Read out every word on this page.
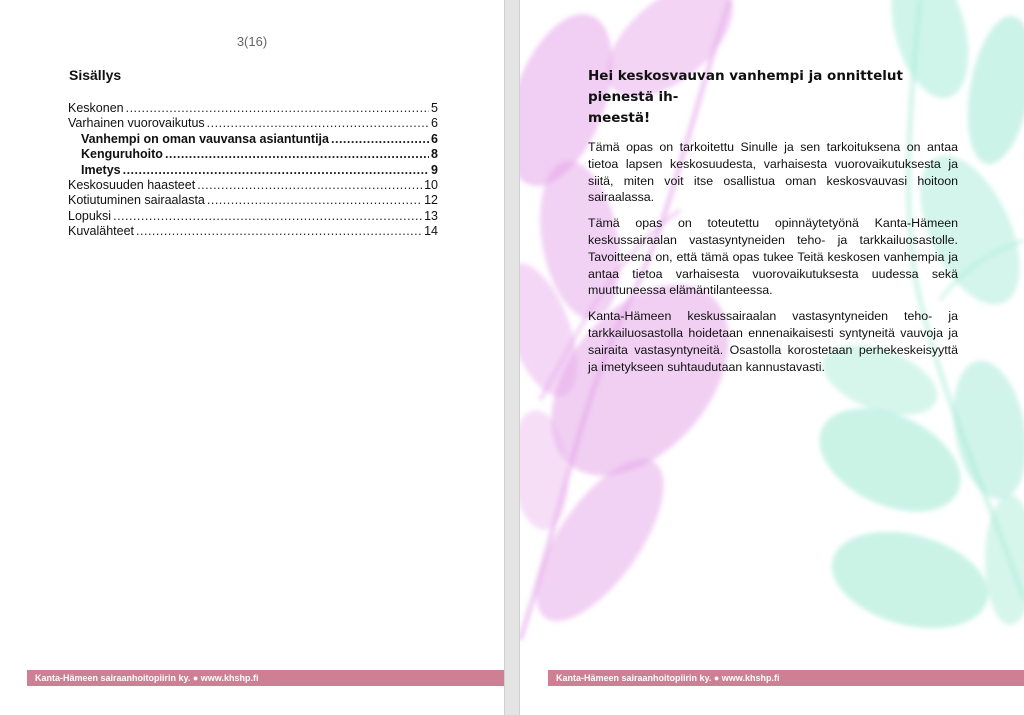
3(16)
Sisällys
Keskonen .....	5
Varhainen vuorovaikutus .....	6
Vanhempi on oman vauvansa asiantuntija .....	6
Kenguruhoito .....	8
Imetys .....	9
Keskosuuden haasteet .....	10
Kotiutuminen sairaalasta .....	12
Lopuksi .....	13
Kuvalähteet .....	14
Kanta-Hämeen sairaanhoitopiirin ky. ● www.khshp.fi
Hei keskosvauvan vanhempi ja onnittelut pienestä ih-
meestä!

Tämä opas on tarkoitettu Sinulle ja sen tarkoituksena on antaa tietoa lapsen keskosuudesta, varhaisesta vuorovaikutuksesta ja siitä, miten voit itse osallistua oman keskosvauvasi hoitoon sairaalassa.

Tämä opas on toteutettu opinnäytetyönä Kanta-Hämeen keskussairaalan vastasyntyneiden teho- ja tarkkailuosastolle. Tavoitteena on, että tämä opas tukee Teitä keskosen vanhempia ja antaa tietoa varhaisesta vuorovaikutuksesta uudessa sekä muuttuneessa elämäntilanteessa.

Kanta-Hämeen keskussairaalan vastasyntyneiden teho- ja tarkkailuosastolla hoidetaan ennenaikaisesti syntyneitä vauvoja ja sairaita vastasyntyneitä. Osastolla korostetaan perhekeskeisyyttä ja imetykseen suhtaudutaan kannustavasti.

Kanta-Hämeen sairaanhoitopiirin ky. ● www.khshp.fi
